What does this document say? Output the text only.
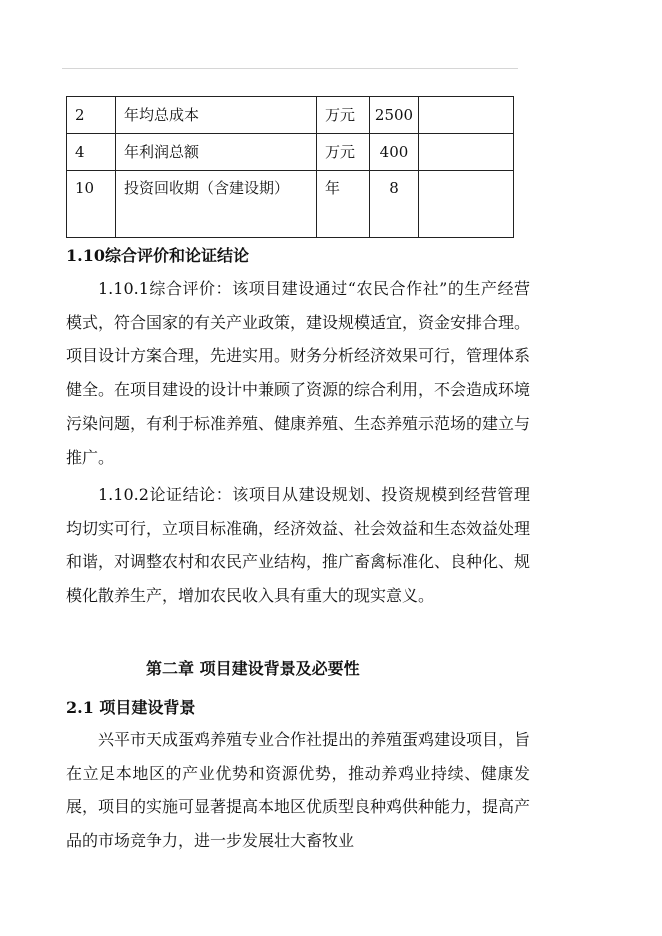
2	年均总成本	万元	2500	
4	年利润总额	万元	400	
10	投资回收期（含建设期）	年	8	
1.10综合评价和论证结论
1.10.1综合评价：该项目建设通过“农民合作社”的生产经营模式，符合国家的有关产业政策，建设规模适宜，资金安排合理。项目设计方案合理，先进实用。财务分析经济效果可行，管理体系健全。在项目建设的设计中兼顾了资源的综合利用，不会造成环境污染问题，有利于标准养殖、健康养殖、生态养殖示范场的建立与推广。
1.10.2论证结论：该项目从建设规划、投资规模到经营管理均切实可行，立项目标准确，经济效益、社会效益和生态效益处理和谐，对调整农村和农民产业结构，推广畜禽标准化、良种化、规模化散养生产，增加农民收入具有重大的现实意义。
第二章 项目建设背景及必要性
2.1 项目建设背景
兴平市天成蛋鸡养殖专业合作社提出的养殖蛋鸡建设项目，旨在立足本地区的产业优势和资源优势，推动养鸡业持续、健康发展，项目的实施可显著提高本地区优质型良种鸡供种能力，提高产品的市场竞争力，进一步发展壮大畜牧业
